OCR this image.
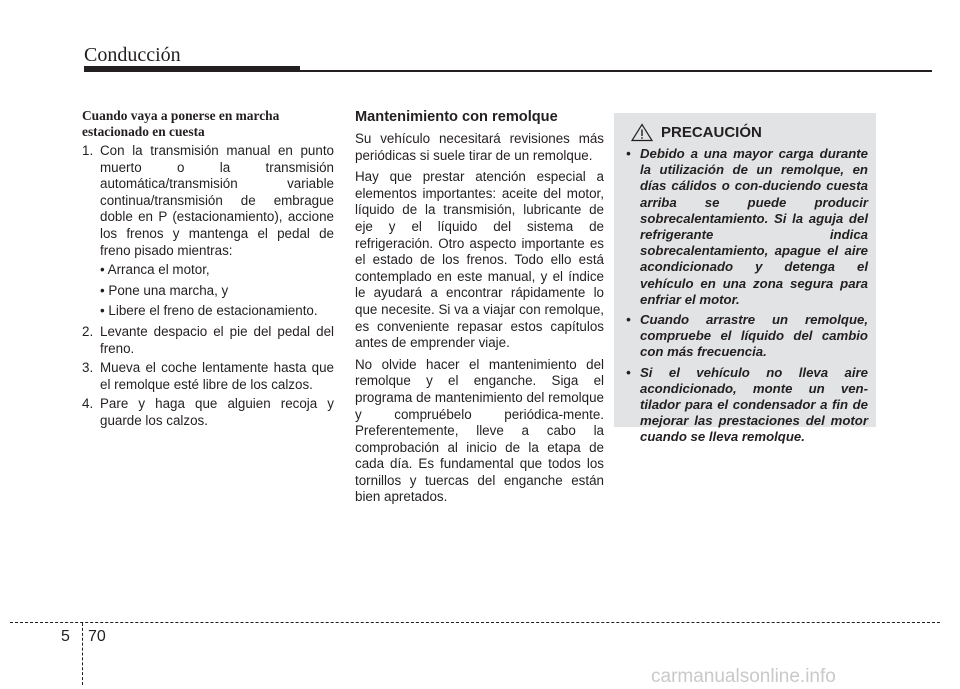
Conducción
Cuando vaya a ponerse en marcha
estacionado en cuesta
1. Con la transmisión manual en punto muerto o la transmisión automática/transmisión variable continua/transmisión de embrague doble en P (estacionamiento), accione los frenos y mantenga el pedal de freno pisado mientras:
• Arranca el motor,
• Pone una marcha, y
• Libere el freno de estacionamiento.
2. Levante despacio el pie del pedal del freno.
3. Mueva el coche lentamente hasta que el remolque esté libre de los calzos.
4. Pare y haga que alguien recoja y guarde los calzos.
Mantenimiento con remolque

Su vehículo necesitará revisiones más periódicas si suele tirar de un remolque.

Hay que prestar atención especial a elementos importantes: aceite del motor, líquido de la transmisión, lubricante de eje y el líquido del sistema de refrigeración. Otro aspecto importante es el estado de los frenos. Todo ello está contemplado en este manual, y el índice le ayudará a encontrar rápidamente lo que necesite. Si va a viajar con remolque, es conveniente repasar estos capítulos antes de emprender viaje.

No olvide hacer el mantenimiento del remolque y el enganche. Siga el programa de mantenimiento del remolque y compruébelo periódica-mente. Preferentemente, lleve a cabo la comprobación al inicio de la etapa de cada día. Es fundamental que todos los tornillos y tuercas del enganche están bien apretados.

PRECAUCIÓN
• Debido a una mayor carga durante la utilización de un remolque, en días cálidos o con-duciendo cuesta arriba se puede producir sobrecalentamiento. Si la aguja del refrigerante indica sobrecalentamiento, apague el aire acondicionado y detenga el vehículo en una zona segura para enfriar el motor.
• Cuando arrastre un remolque, compruebe el líquido del cambio con más frecuencia.
• Si el vehículo no lleva aire acondicionado, monte un ven-tilador para el condensador a fin de mejorar las prestaciones del motor cuando se lleva remolque.
5 70
carmanualsonline.info
